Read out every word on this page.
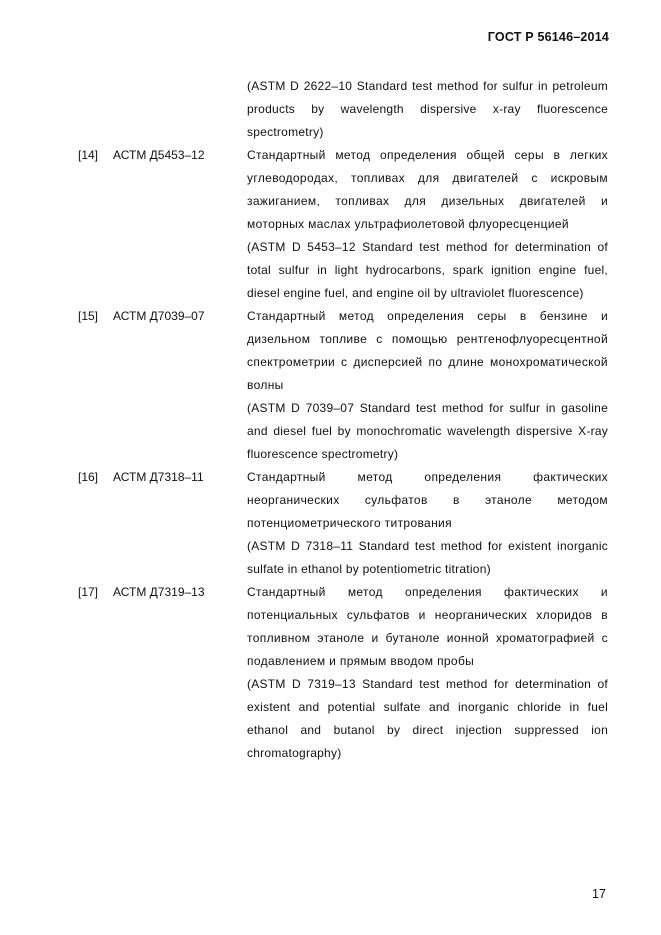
ГОСТ Р 56146–2014

(ASTM D 2622–10 Standard test method for sulfur in petroleum products by wavelength dispersive x-ray fluorescence spectrometry)

[14] АСТМ Д5453–12	Стандартный метод определения общей серы в легких углеводородах, топливах для двигателей с искровым зажиганием, топливах для дизельных двигателей и моторных маслах ультрафиолетовой флуоресценцией

(ASTM D 5453–12 Standard test method for determination of total sulfur in light hydrocarbons, spark ignition engine fuel, diesel engine fuel, and engine oil by ultraviolet fluorescence)

[15] АСТМ Д7039–07	Стандартный метод определения серы в бензине и дизельном топливе с помощью рентгенофлуоресцентной спектрометрии с дисперсией по длине монохроматической волны

(ASTM D 7039–07 Standard test method for sulfur in gasoline and diesel fuel by monochromatic wavelength dispersive X-ray fluorescence spectrometry)

[16] АСТМ Д7318–11	Стандартный метод определения фактических неорганических сульфатов в этаноле методом потенциометрического титрования

(ASTM D 7318–11 Standard test method for existent inorganic sulfate in ethanol by potentiometric titration)

[17] АСТМ Д7319–13	Стандартный метод определения фактических и потенциальных сульфатов и неорганических хлоридов в топливном этаноле и бутаноле ионной хроматографией с подавлением и прямым вводом пробы

(ASTM D 7319–13 Standard test method for determination of existent and potential sulfate and inorganic chloride in fuel ethanol and butanol by direct injection suppressed ion chromatography)

17
